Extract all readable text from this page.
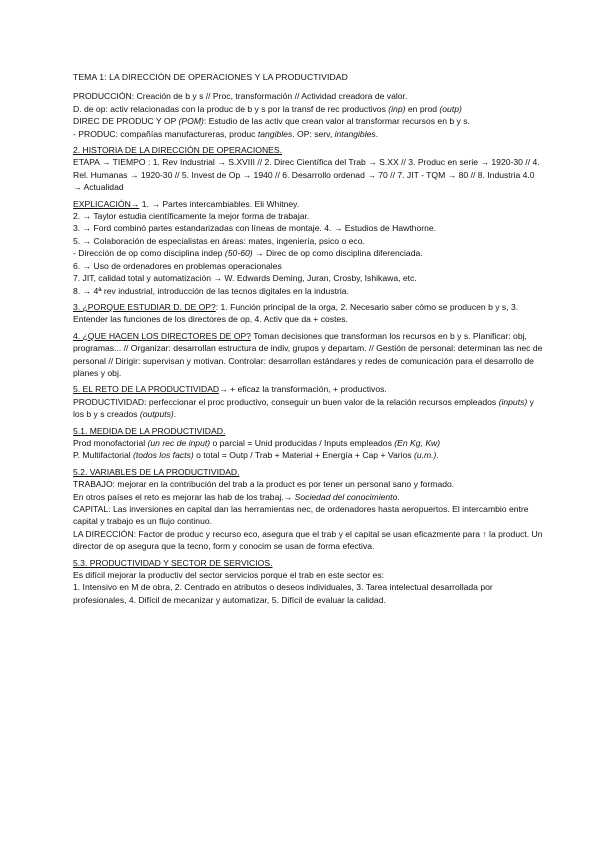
TEMA 1: LA DIRECCIÓN DE OPERACIONES Y LA PRODUCTIVIDAD
PRODUCCIÓN: Creación de b y s // Proc, transformación // Actividad creadora de valor.
D. de op: activ relacionadas con la produc de b y s por la transf de rec productivos (inp) en prod (outp)
DIREC DE PRODUC Y OP (POM): Estudio de las activ que crean valor al transformar recursos en b y s.
- PRODUC: compañías manufactureras, produc tangibles. OP: serv, intangibles.
2. HISTORIA DE LA DIRECCIÓN DE OPERACIONES.
ETAPA → TIEMPO : 1. Rev Industrial → S.XVIII // 2. Direc Científica del Trab → S.XX // 3. Produc en serie → 1920-30 // 4. Rel. Humanas → 1920-30 // 5. Invest de Op → 1940 // 6. Desarrollo ordenad → 70 // 7. JIT - TQM → 80 // 8. Industria 4.0 → Actualidad
EXPLICACIÓN→ 1. → Partes intercambiables. Eli Whitney.
2. → Taylor estudia científicamente la mejor forma de trabajar.
3. → Ford combinó partes estandarizadas con líneas de montaje. 4. → Estudios de Hawthorne.
5. → Colaboración de especialistas en áreas: mates, ingeniería, psico o eco.
- Dirección de op como disciplina indep (50-60) → Direc de op como disciplina diferenciada.
6. → Uso de ordenadores en problemas operacionales
7. JIT, calidad total y automatización → W. Edwards Deming, Juran, Crosby, Ishikawa, etc.
8. → 4ª rev industrial, introducción de las tecnos digitales en la industria.
3. ¿PORQUE ESTUDIAR D. DE OP?: 1. Función principal de la orga, 2. Necesario saber cómo se producen b y s, 3. Entender las funciones de los directores de op, 4. Activ que da + costes.
4. ¿QUE HACEN LOS DIRECTORES DE OP? Toman decisiones que transforman los recursos en b y s. Planificar: obj, programas... // Organizar: desarrollan estructura de indiv, grupos y departam. // Gestión de personal: determinan las nec de personal // Dirigir: supervisan y motivan. Controlar: desarrollan estándares y redes de comunicación para el desarrollo de planes y obj.
5. EL RETO DE LA PRODUCTIVIDAD→ + eficaz la transformación, + productivos.
PRODUCTIVIDAD: perfeccionar el proc productivo, conseguir un buen valor de la relación recursos empleados (inputs) y los b y s creados (outputs).
5.1. MEDIDA DE LA PRODUCTIVIDAD.
Prod monofactorial (un rec de input) o parcial = Unid producidas / Inputs empleados (En Kg, Kw)
P. Multifactorial (todos los facts) o total = Outp / Trab + Material + Energía + Cap + Varios (u.m.).
5.2. VARIABLES DE LA PRODUCTIVIDAD.
TRABAJO: mejorar en la contribución del trab a la product es por tener un personal sano y formado.
En otros países el reto es mejorar las hab de los trabaj.→ Sociedad del conocimiento.
CAPITAL: Las inversiones en capital dan las herramientas nec, de ordenadores hasta aeropuertos. El intercambio entre capital y trabajo es un flujo continuo.
LA DIRECCIÓN: Factor de produc y recurso eco, asegura que el trab y el capital se usan eficazmente para ↑ la product. Un director de op asegura que la tecno, form y conocim se usan de forma efectiva.
5.3. PRODUCTIVIDAD Y SECTOR DE SERVICIOS.
Es difícil mejorar la productiv del sector servicios porque el trab en este sector es:
1. Intensivo en M de obra, 2. Centrado en atributos o deseos individuales, 3. Tarea intelectual desarrollada por profesionales, 4. Difícil de mecanizar y automatizar, 5. Difícil de evaluar la calidad.
